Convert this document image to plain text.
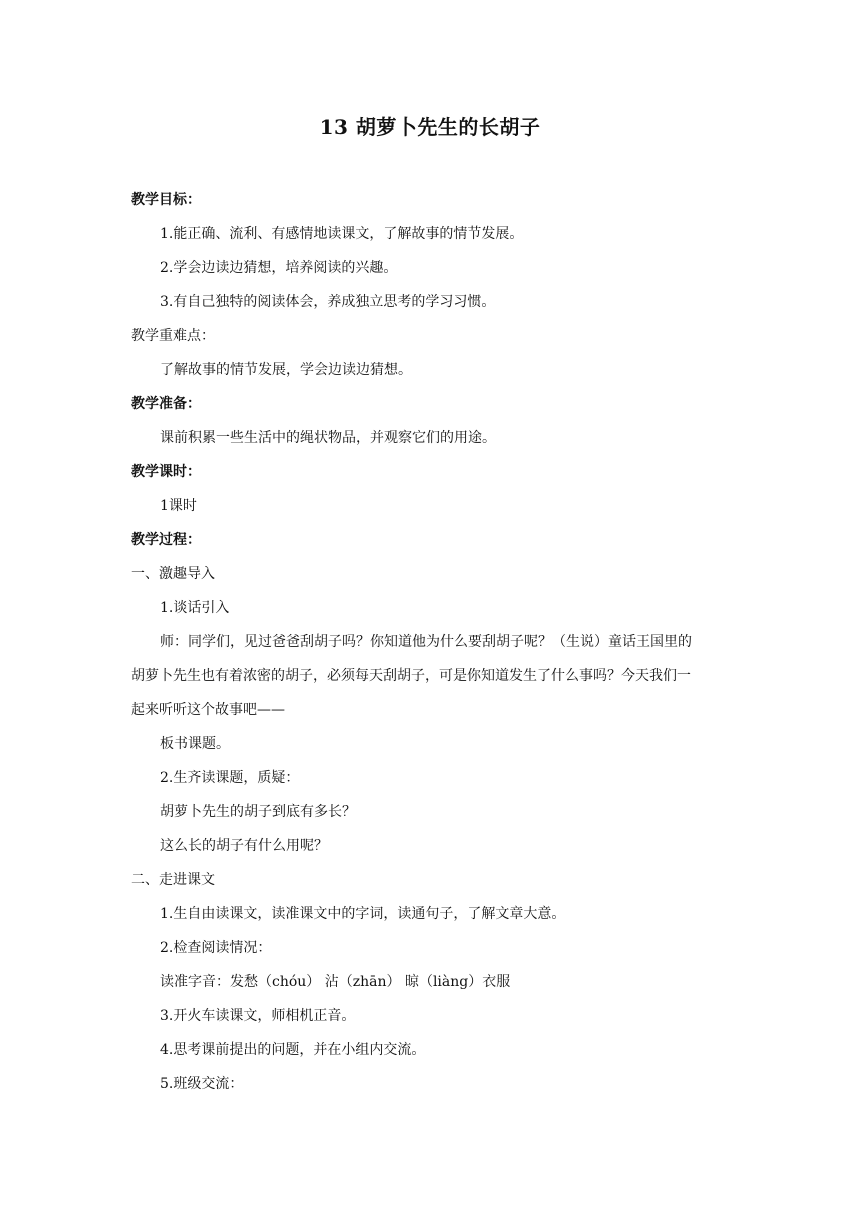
13 胡萝卜先生的长胡子
教学目标：
1.能正确、流利、有感情地读课文，了解故事的情节发展。
2.学会边读边猜想，培养阅读的兴趣。
3.有自己独特的阅读体会，养成独立思考的学习习惯。
教学重难点：
了解故事的情节发展，学会边读边猜想。
教学准备：
课前积累一些生活中的绳状物品，并观察它们的用途。
教学课时：
1课时
教学过程：
一、激趣导入
1.谈话引入
师：同学们，见过爸爸刮胡子吗？你知道他为什么要刮胡子呢？（生说）童话王国里的
胡萝卜先生也有着浓密的胡子，必须每天刮胡子，可是你知道发生了什么事吗？今天我们一
起来听听这个故事吧——
板书课题。
2.生齐读课题，质疑：
胡萝卜先生的胡子到底有多长？
这么长的胡子有什么用呢？
二、走进课文
1.生自由读课文，读准课文中的字词，读通句子，了解文章大意。
2.检查阅读情况：
读准字音：发愁（chóu） 沾（zhān） 晾（liàng）衣服
3.开火车读课文，师相机正音。
4.思考课前提出的问题，并在小组内交流。
5.班级交流：
